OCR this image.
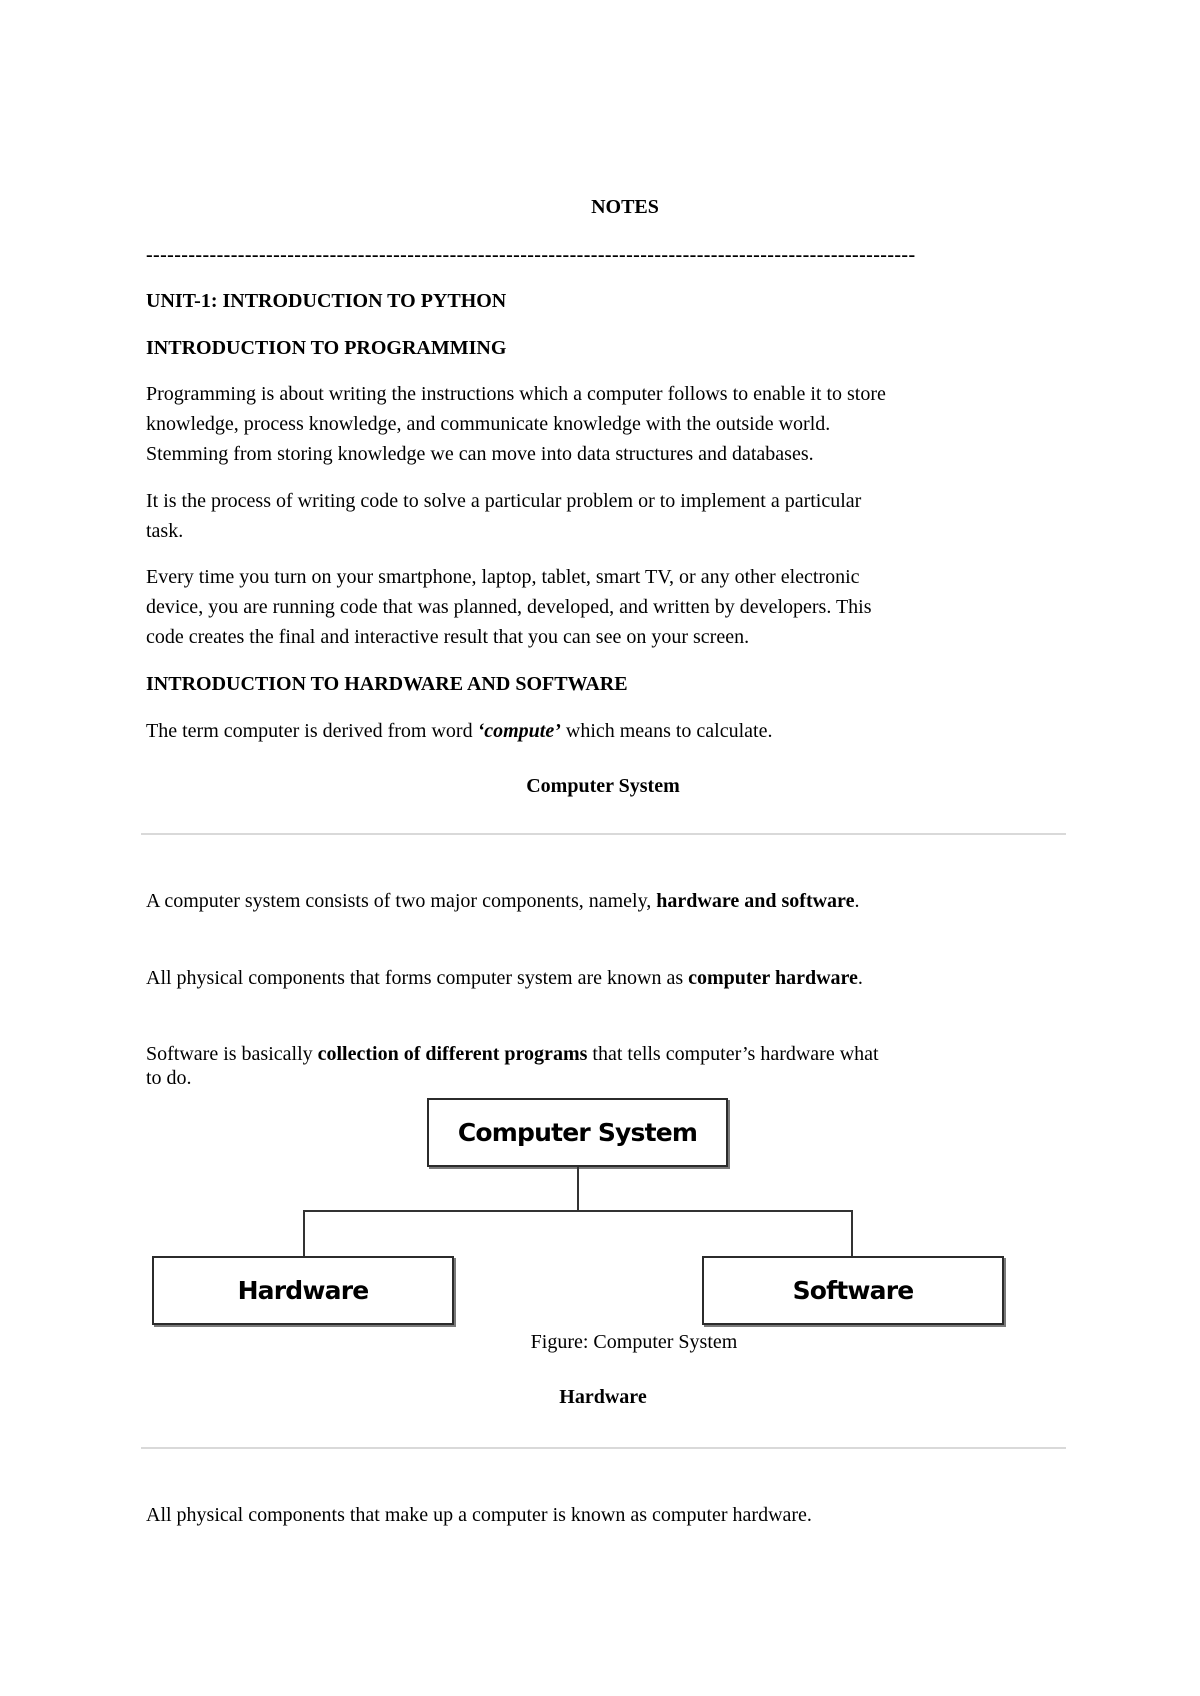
NOTES
-------------------------------------------------------------------------------------------------------------
UNIT-1: INTRODUCTION TO PYTHON
INTRODUCTION TO PROGRAMMING
Programming is about writing the instructions which a computer follows to enable it to store
knowledge, process knowledge, and communicate knowledge with the outside world.
Stemming from storing knowledge we can move into data structures and databases.
It is the process of writing code to solve a particular problem or to implement a particular
task.
Every time you turn on your smartphone, laptop, tablet, smart TV, or any other electronic
device, you are running code that was planned, developed, and written by developers. This
code creates the final and interactive result that you can see on your screen.
INTRODUCTION TO HARDWARE AND SOFTWARE
The term computer is derived from word ‘compute’ which means to calculate.
Computer System
A computer system consists of two major components, namely, hardware and software.
All physical components that forms computer system are known as computer hardware.
Software is basically collection of different programs that tells computer’s hardware what
to do.
Computer System
Hardware	Software
Figure: Computer System
Hardware
All physical components that make up a computer is known as computer hardware.
